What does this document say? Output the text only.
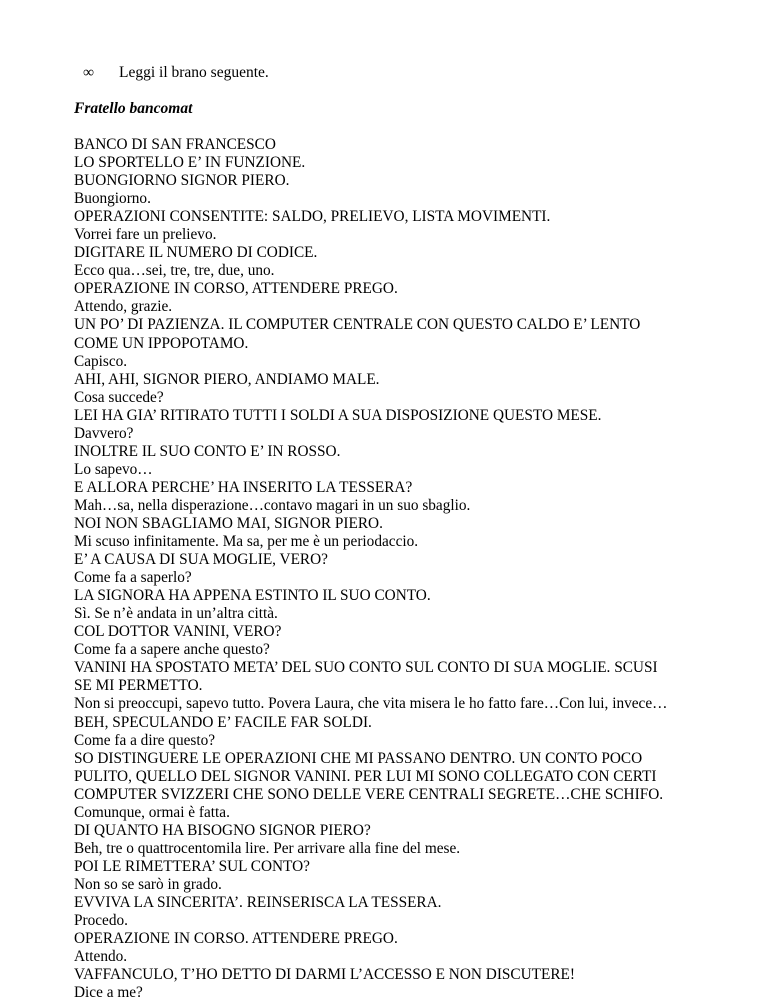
∞	Leggi il brano seguente.
Fratello bancomat
BANCO DI SAN FRANCESCO
LO SPORTELLO E’ IN FUNZIONE.
BUONGIORNO SIGNOR PIERO.
Buongiorno.
OPERAZIONI CONSENTITE: SALDO, PRELIEVO, LISTA MOVIMENTI.
Vorrei fare un prelievo.
DIGITARE IL NUMERO DI CODICE.
Ecco qua…sei, tre, tre, due, uno.
OPERAZIONE IN CORSO, ATTENDERE PREGO.
Attendo, grazie.
UN PO’ DI PAZIENZA. IL COMPUTER CENTRALE CON QUESTO CALDO E’ LENTO
COME UN IPPOPOTAMO.
Capisco.
AHI, AHI, SIGNOR PIERO, ANDIAMO MALE.
Cosa succede?
LEI HA GIA’ RITIRATO TUTTI I SOLDI A SUA DISPOSIZIONE QUESTO MESE.
Davvero?
INOLTRE IL SUO CONTO E’ IN ROSSO.
Lo sapevo…
E ALLORA PERCHE’ HA INSERITO LA TESSERA?
Mah…sa, nella disperazione…contavo magari in un suo sbaglio.
NOI NON SBAGLIAMO MAI, SIGNOR PIERO.
Mi scuso infinitamente. Ma sa, per me è un periodaccio.
E’ A CAUSA DI SUA MOGLIE, VERO?
Come fa a saperlo?
LA SIGNORA HA APPENA ESTINTO IL SUO CONTO.
Sì. Se n’è andata in un’altra città.
COL DOTTOR VANINI, VERO?
Come fa a sapere anche questo?
VANINI HA SPOSTATO META’ DEL SUO CONTO SUL CONTO DI SUA MOGLIE. SCUSI
SE MI PERMETTO.
Non si preoccupi, sapevo tutto. Povera Laura, che vita misera le ho fatto fare…Con lui, invece…
BEH, SPECULANDO E’ FACILE FAR SOLDI.
Come fa a dire questo?
SO DISTINGUERE LE OPERAZIONI CHE MI PASSANO DENTRO. UN CONTO POCO
PULITO, QUELLO DEL SIGNOR VANINI. PER LUI MI SONO COLLEGATO CON CERTI
COMPUTER SVIZZERI CHE SONO DELLE VERE CENTRALI SEGRETE…CHE SCHIFO.
Comunque, ormai è fatta.
DI QUANTO HA BISOGNO SIGNOR PIERO?
Beh, tre o quattrocentomila lire. Per arrivare alla fine del mese.
POI LE RIMETTERA’ SUL CONTO?
Non so se sarò in grado.
EVVIVA LA SINCERITA’. REINSERISCA LA TESSERA.
Procedo.
OPERAZIONE IN CORSO. ATTENDERE PREGO.
Attendo.
VAFFANCULO, T’HO DETTO DI DARMI L’ACCESSO E NON DISCUTERE!
Dice a me?
